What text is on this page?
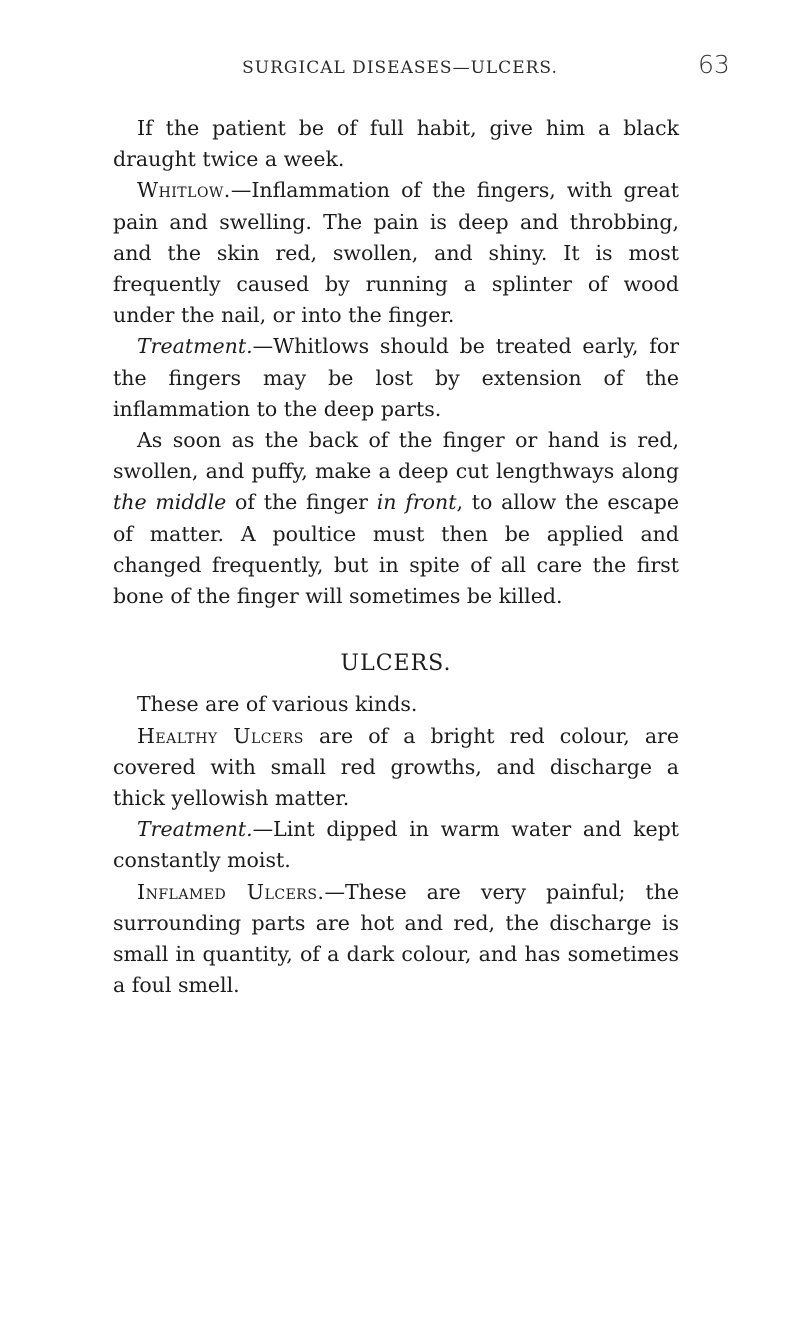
SURGICAL DISEASES—ULCERS.	63

If the patient be of full habit, give him a black draught twice a week.

Whitlow.—Inflammation of the fingers, with great pain and swelling. The pain is deep and throbbing, and the skin red, swollen, and shiny. It is most frequently caused by running a splinter of wood under the nail, or into the finger.

Treatment.—Whitlows should be treated early, for the fingers may be lost by extension of the inflammation to the deep parts.

As soon as the back of the finger or hand is red, swollen, and puffy, make a deep cut lengthways along the middle of the finger in front, to allow the escape of matter. A poultice must then be applied and changed frequently, but in spite of all care the first bone of the finger will sometimes be killed.

ULCERS.

These are of various kinds.

Healthy Ulcers are of a bright red colour, are covered with small red growths, and discharge a thick yellowish matter.

Treatment.—Lint dipped in warm water and kept constantly moist.

Inflamed Ulcers.—These are very painful; the surrounding parts are hot and red, the discharge is small in quantity, of a dark colour, and has sometimes a foul smell.
